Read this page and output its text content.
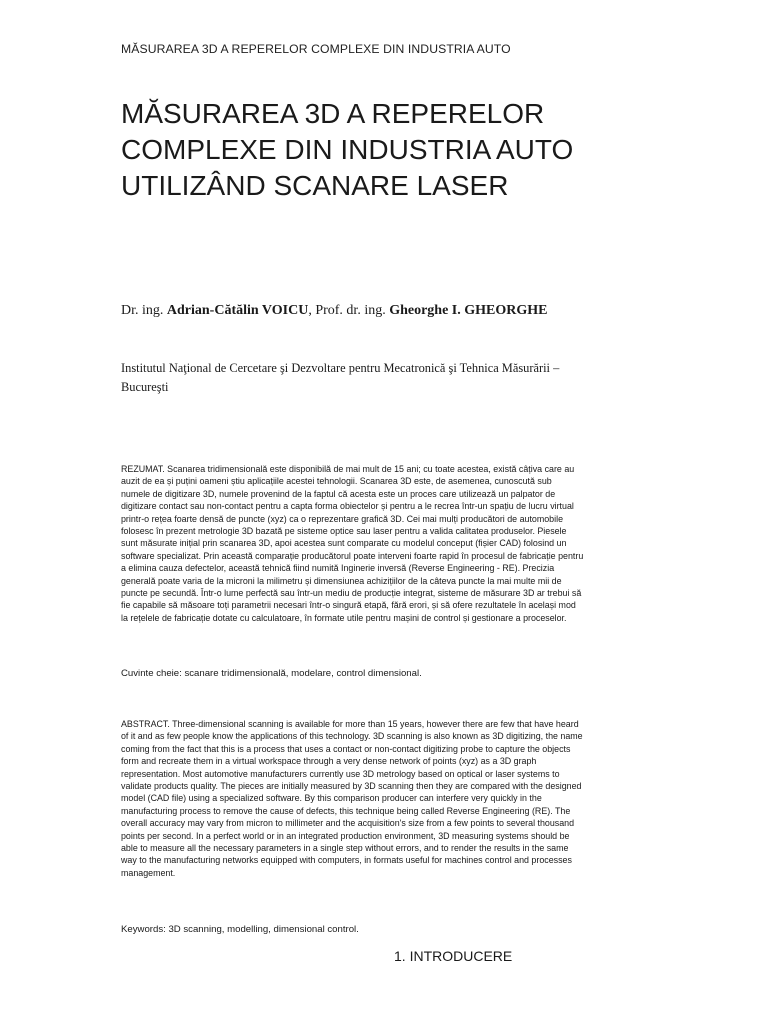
MĂSURAREA 3D A REPERELOR COMPLEXE DIN INDUSTRIA AUTO
MĂSURAREA 3D A REPERELOR
COMPLEXE DIN INDUSTRIA AUTO
UTILIZÂND SCANARE LASER
Dr. ing. Adrian-Cătălin VOICU, Prof. dr. ing. Gheorghe I. GHEORGHE
Institutul Naţional de Cercetare şi Dezvoltare pentru Mecatronică şi Tehnica Măsurării –
Bucureşti
REZUMAT. Scanarea tridimensională este disponibilă de mai mult de 15 ani; cu toate acestea, există câțiva care au
auzit de ea și puțini oameni știu aplicațiile acestei tehnologii. Scanarea 3D este, de asemenea, cunoscută sub
numele de digitizare 3D, numele provenind de la faptul că acesta este un proces care utilizează un palpator de
digitizare contact sau non-contact pentru a capta forma obiectelor și pentru a le recrea într-un spațiu de lucru virtual
printr-o rețea foarte densă de puncte (xyz) ca o reprezentare grafică 3D. Cei mai mulți producători de automobile
folosesc în prezent metrologie 3D bazată pe sisteme optice sau laser pentru a valida calitatea produselor. Piesele
sunt măsurate inițial prin scanarea 3D, apoi acestea sunt comparate cu modelul conceput (fișier CAD) folosind un
software specializat. Prin această comparație producătorul poate interveni foarte rapid în procesul de fabricație pentru
a elimina cauza defectelor, această tehnică fiind numită Inginerie inversă (Reverse Engineering - RE). Precizia
generală poate varia de la microni la milimetru și dimensiunea achizițiilor de la câteva puncte la mai multe mii de
puncte pe secundă. Într-o lume perfectă sau într-un mediu de producție integrat, sisteme de măsurare 3D ar trebui să
fie capabile să măsoare toți parametrii necesari într-o singură etapă, fără erori, și să ofere rezultatele în același mod
la rețelele de fabricație dotate cu calculatoare, în formate utile pentru mașini de control și gestionare a proceselor.
Cuvinte cheie: scanare tridimensională, modelare, control dimensional.
ABSTRACT. Three-dimensional scanning is available for more than 15 years, however there are few that have heard
of it and as few people know the applications of this technology. 3D scanning is also known as 3D digitizing, the name
coming from the fact that this is a process that uses a contact or non-contact digitizing probe to capture the objects
form and recreate them in a virtual workspace through a very dense network of points (xyz) as a 3D graph
representation. Most automotive manufacturers currently use 3D metrology based on optical or laser systems to
validate products quality. The pieces are initially measured by 3D scanning then they are compared with the designed
model (CAD file) using a specialized software. By this comparison producer can interfere very quickly in the
manufacturing process to remove the cause of defects, this technique being called Reverse Engineering (RE). The
overall accuracy may vary from micron to millimeter and the acquisition's size from a few points to several thousand
points per second. In a perfect world or in an integrated production environment, 3D measuring systems should be
able to measure all the necessary parameters in a single step without errors, and to render the results in the same
way to the manufacturing networks equipped with computers, in formats useful for machines control and processes
management.
Keywords: 3D scanning, modelling, dimensional control.
1. INTRODUCERE
